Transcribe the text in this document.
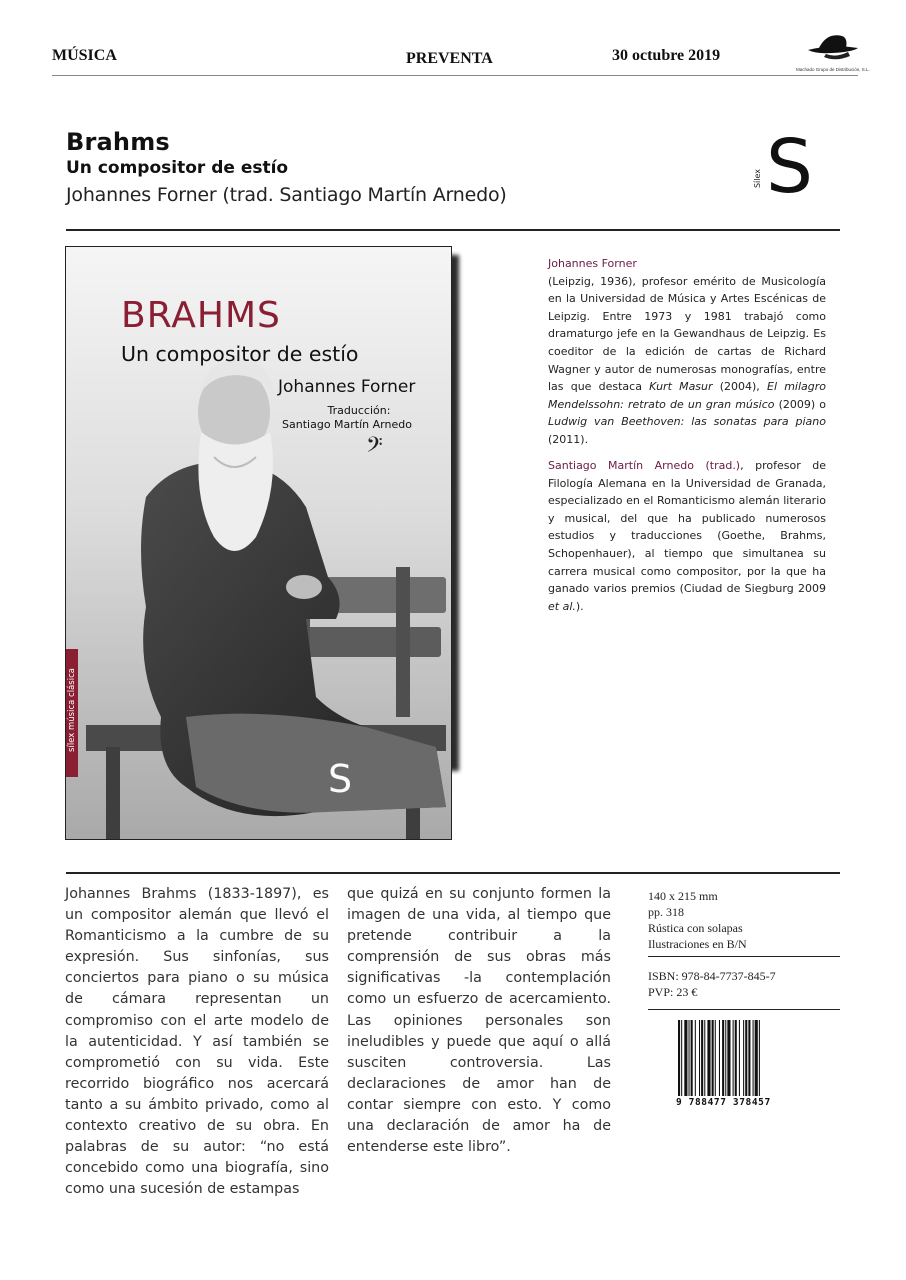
MÚSICA	PREVENTA	30 octubre 2019
Machado Grupo de Distribución, S.L.
Brahms
Un compositor de estío
Johannes Forner (trad. Santiago Martín Arnedo)	S
Sílex
BRAHMS
Un compositor de estío
Johannes Forner
Traducción:
Santiago Martín Arnedo
𝄢
sílex música clásica
S
Johannes Forner
(Leipzig, 1936), profesor emérito de Musicología en la Universidad de Música y Artes Escénicas de Leipzig. Entre 1973 y 1981 trabajó como dramaturgo jefe en la Gewandhaus de Leipzig. Es coeditor de la edición de cartas de Richard Wagner y autor de numerosas monografías, entre las que destaca Kurt Masur (2004), El milagro Mendelssohn: retrato de un gran músico (2009) o Ludwig van Beethoven: las sonatas para piano (2011).
Santiago Martín Arnedo (trad.), profesor de Filología Alemana en la Universidad de Granada, especializado en el Romanticismo alemán literario y musical, del que ha publicado numerosos estudios y traducciones (Goethe, Brahms, Schopenhauer), al tiempo que simultanea su carrera musical como compositor, por la que ha ganado varios premios (Ciudad de Siegburg 2009 et al.).
Johannes Brahms (1833-1897), es un compositor alemán que llevó el Romanticismo a la cumbre de su expresión. Sus sinfonías, sus conciertos para piano o su música de cámara representan un compromiso con el arte modelo de la autenticidad. Y así también se comprometió con su vida. Este recorrido biográfico nos acercará tanto a su ámbito privado, como al contexto creativo de su obra. En palabras de su autor: “no está concebido como una biografía, sino como una sucesión de estampas
que quizá en su conjunto formen la imagen de una vida, al tiempo que pretende contribuir a la comprensión de sus obras más significativas -la contemplación como un esfuerzo de acercamiento. Las opiniones personales son ineludibles y puede que aquí o allá susciten controversia. Las declaraciones de amor han de contar siempre con esto. Y como una declaración de amor ha de entenderse este libro”.
140 x 215 mm
pp. 318
Rústica con solapas
Ilustraciones en B/N
ISBN: 978-84-7737-845-7
PVP: 23 €
9 788477 378457
